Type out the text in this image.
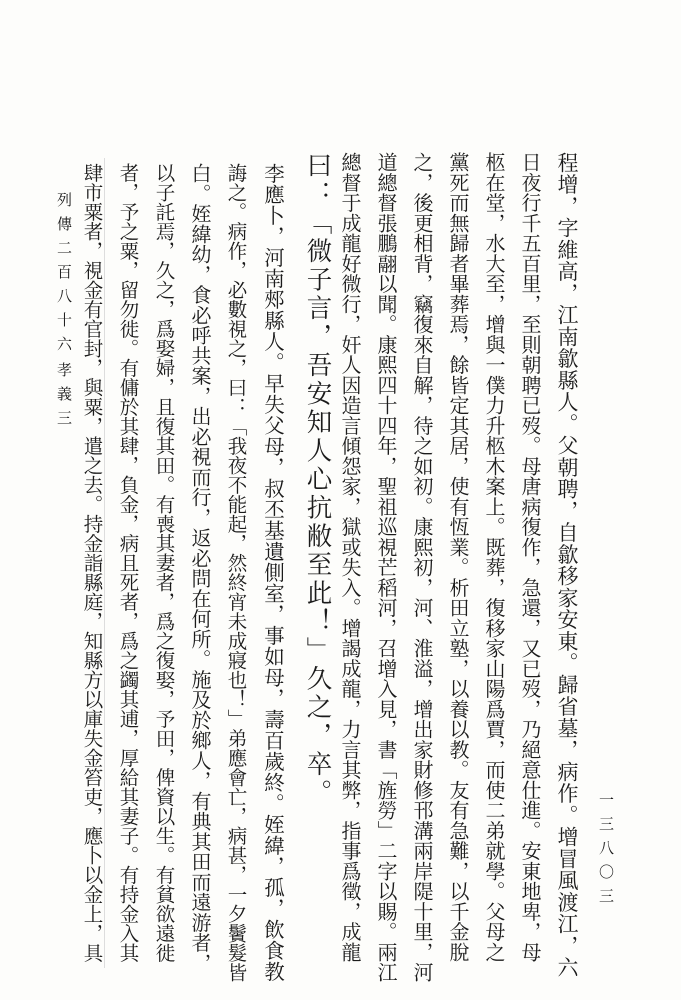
程增，字維高，江南歙縣人。父朝聘，自歙移家安東。歸省墓，病作。增冒風渡江，六
日夜行千五百里，至則朝聘已歿。母唐病復作，急還，又已歿，乃絕意仕進。安東地卑，母
柩在堂，水大至，增與一僕力升柩木案上。既葬，復移家山陽爲賈，而使二弟就學。父母之
黨死而無歸者畢葬焉，餘皆定其居，使有恆業。析田立塾，以養以教。友有急難，以千金脫
之，後更相背，竊復來自解，待之如初。康熙初，河、淮溢，增出家財修邗溝兩岸隄十里，河
道總督張鵬翮以聞。康熙四十四年，聖祖巡視芒稻河，召增入見，書「旌勞」二字以賜。兩江
總督于成龍好微行，奸人因造言傾怨家，獄或失入。增謁成龍，力言其弊，指事爲徵，成龍
曰：「微子言，吾安知人心抗敝至此！」久之，卒。
李應卜，河南郟縣人。早失父母，叔丕基遺側室，事如母，壽百歲終。姪緯，孤，飲食教
誨之。病作，必數視之，曰：「我夜不能起，然終宵未成寢也！」弟應會亡，病甚，一夕鬢髮皆
白。姪緯幼，食必呼共案，出必視而行，返必問在何所。施及於鄉人，有典其田而遠游者，
以子託焉，久之，爲娶婦，且復其田。有喪其妻者，爲之復娶，予田，俾資以生。有貧欲遠徙
者，予之粟，留勿徙。有傭於其肆，負金，病且死者，爲之蠲其逋，厚給其妻子。有持金入其
肆市粟者，視金有官封，與粟，遣之去。持金詣縣庭，知縣方以庫失金笞吏，應卜以金上，具	一三八〇三
列傳二百八十六
孝義三
